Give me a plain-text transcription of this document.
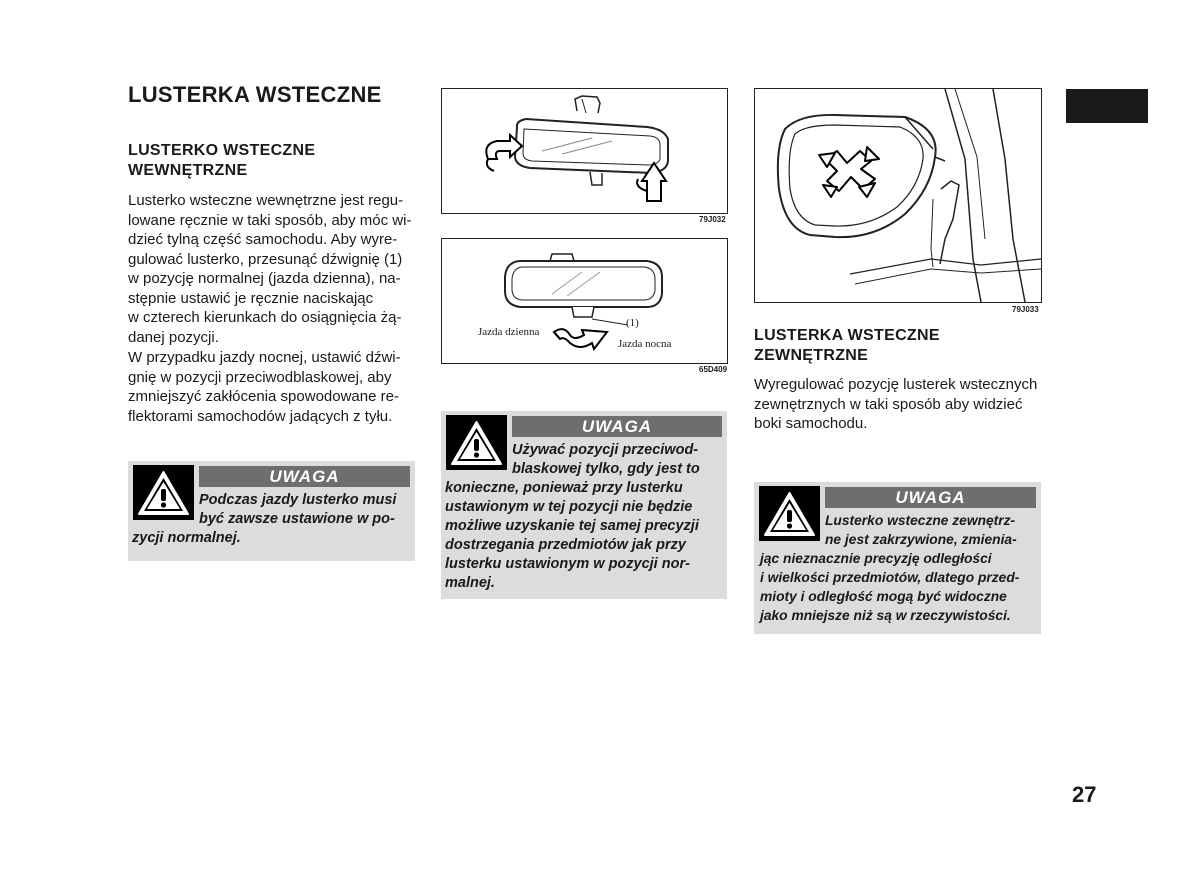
LUSTERKA WSTECZNE
LUSTERKO WSTECZNE
WEWNĘTRZNE
Lusterko wsteczne wewnętrzne jest regu-
lowane ręcznie w taki sposób, aby móc wi-
dzieć tylną część samochodu. Aby wyre-
gulować lusterko, przesunąć dźwignię (1)
w pozycję normalnej (jazda dzienna), na-
stępnie ustawić je ręcznie naciskając
w czterech kierunkach do osiągnięcia żą-
danej pozycji.
W przypadku jazdy nocnej, ustawić dźwi-
gnię w pozycji przeciwodblaskowej, aby
zmniejszyć zakłócenia spowodowane re-
flektorami samochodów jadących z tyłu.
UWAGA
Podczas jazdy lusterko musi
być zawsze ustawione w po-
zycji normalnej.
79J032
(1)
Jazda dzienna
Jazda nocna
65D409
UWAGA
Używać pozycji przeciwod-
blaskowej tylko, gdy jest to
konieczne, ponieważ przy lusterku
ustawionym w tej pozycji nie będzie
możliwe uzyskanie tej samej precyzji
dostrzegania przedmiotów jak przy
lusterku ustawionym w pozycji nor-
malnej.
79J033
LUSTERKA WSTECZNE
ZEWNĘTRZNE
Wyregulować pozycję lusterek wstecznych
zewnętrznych w taki sposób aby widzieć
boki samochodu.
UWAGA
Lusterko wsteczne zewnętrz-
ne jest zakrzywione, zmienia-
jąc nieznacznie precyzję odległości
i wielkości przedmiotów, dlatego przed-
mioty i odległość mogą być widoczne
jako mniejsze niż są w rzeczywistości.
27
